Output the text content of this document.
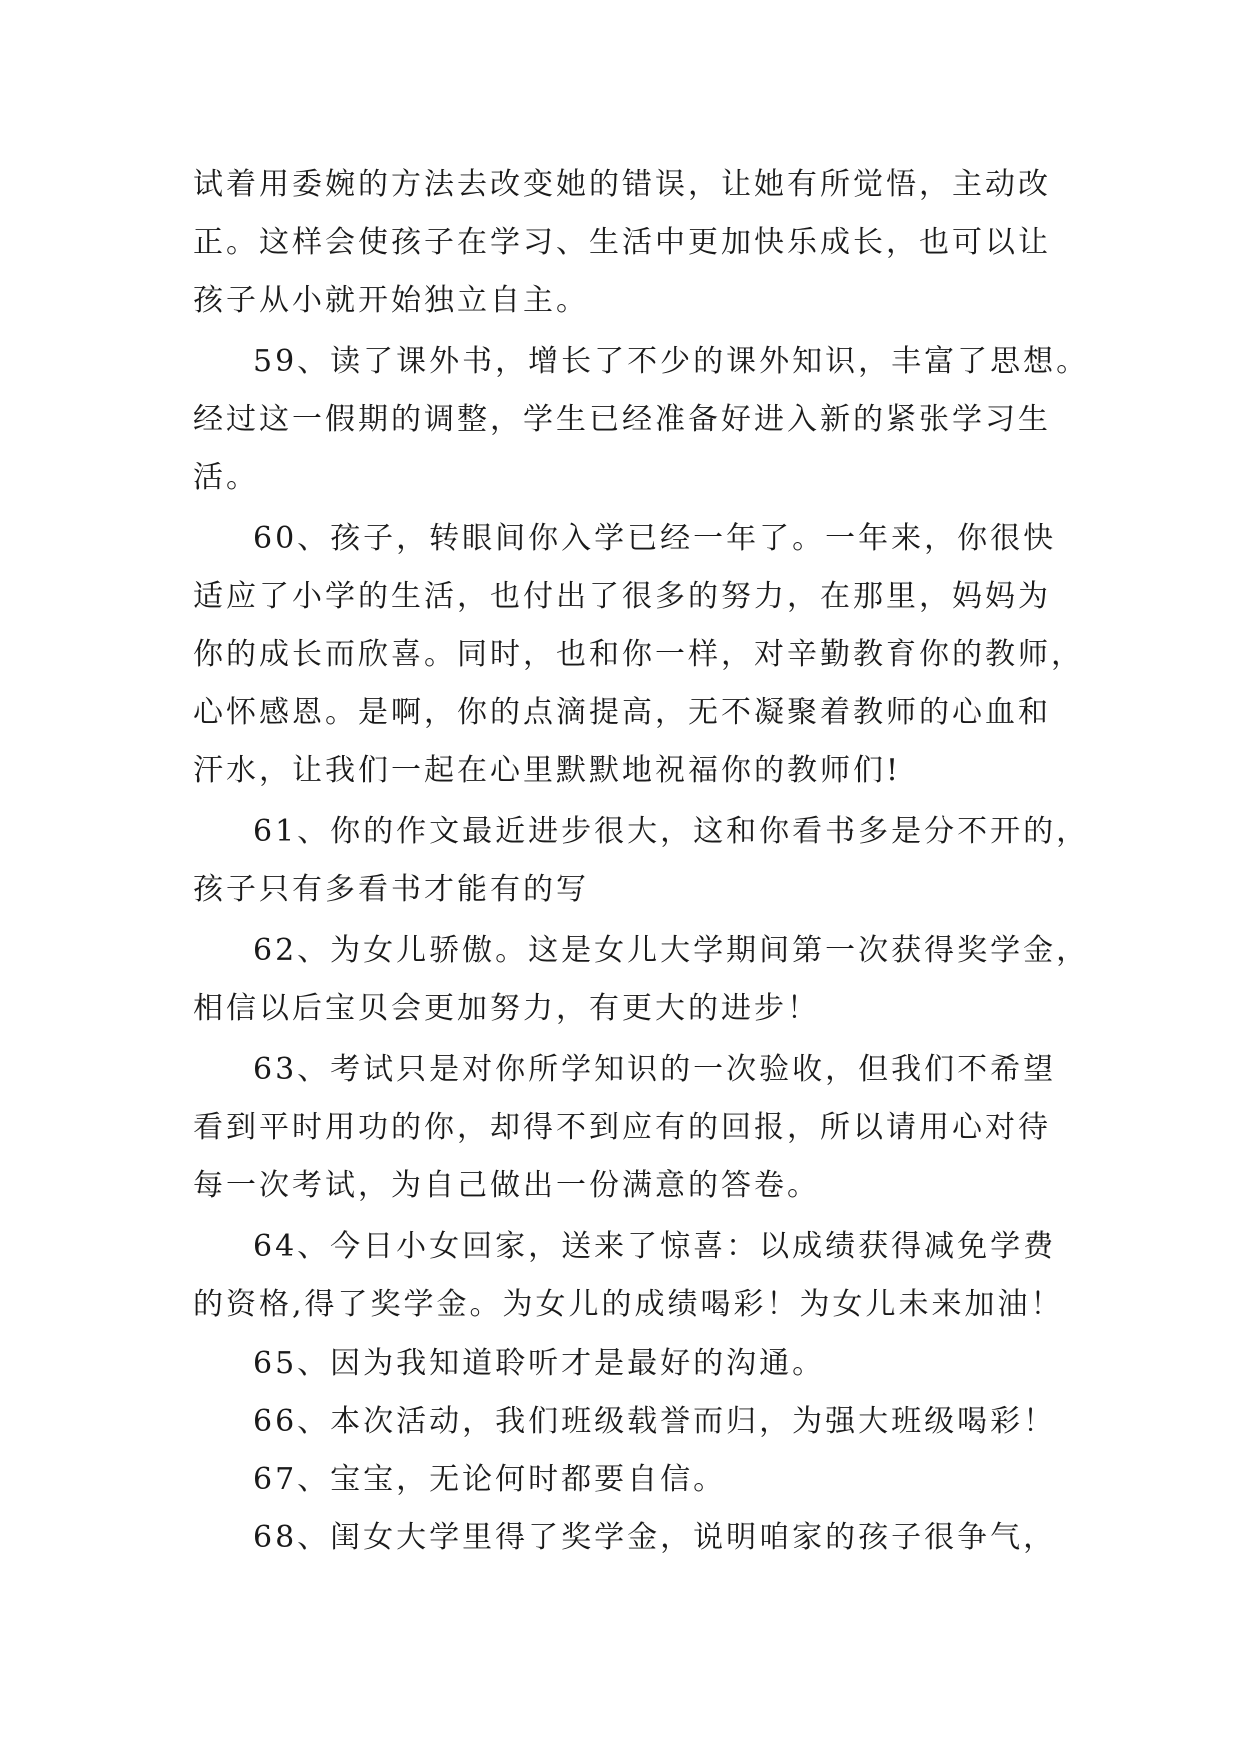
试着用委婉的方法去改变她的错误，让她有所觉悟，主动改
正。这样会使孩子在学习、生活中更加快乐成长，也可以让
孩子从小就开始独立自主。
59、读了课外书，增长了不少的课外知识，丰富了思想。
经过这一假期的调整，学生已经准备好进入新的紧张学习生
活。
60、孩子，转眼间你入学已经一年了。一年来，你很快
适应了小学的生活，也付出了很多的努力，在那里，妈妈为
你的成长而欣喜。同时，也和你一样，对辛勤教育你的教师，
心怀感恩。是啊，你的点滴提高，无不凝聚着教师的心血和
汗水，让我们一起在心里默默地祝福你的教师们!
61、你的作文最近进步很大，这和你看书多是分不开的，
孩子只有多看书才能有的写
62、为女儿骄傲。这是女儿大学期间第一次获得奖学金，
相信以后宝贝会更加努力，有更大的进步！
63、考试只是对你所学知识的一次验收，但我们不希望
看到平时用功的你，却得不到应有的回报，所以请用心对待
每一次考试，为自己做出一份满意的答卷。
64、今日小女回家，送来了惊喜：以成绩获得减免学费
的资格,得了奖学金。为女儿的成绩喝彩！为女儿未来加油！
65、因为我知道聆听才是最好的沟通。
66、本次活动，我们班级载誉而归，为强大班级喝彩！
67、宝宝，无论何时都要自信。
68、闺女大学里得了奖学金，说明咱家的孩子很争气，
